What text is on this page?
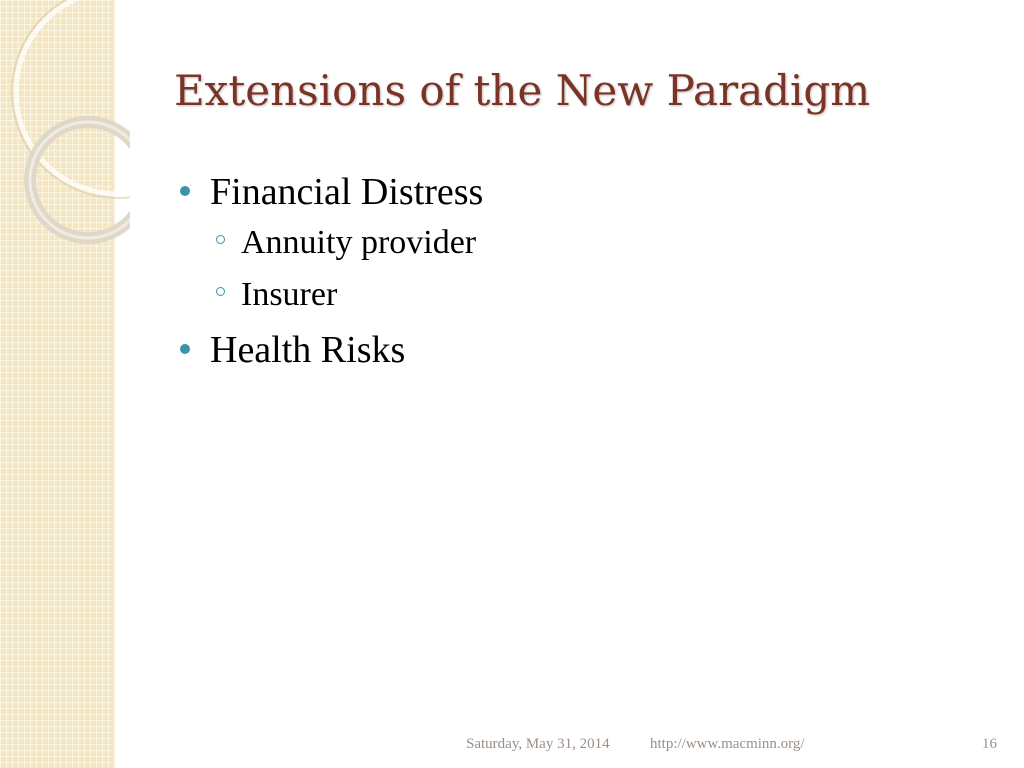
Extensions of the New Paradigm
Financial Distress
Annuity provider
Insurer
Health Risks
Saturday, May 31, 2014	http://www.macminn.org/	16
